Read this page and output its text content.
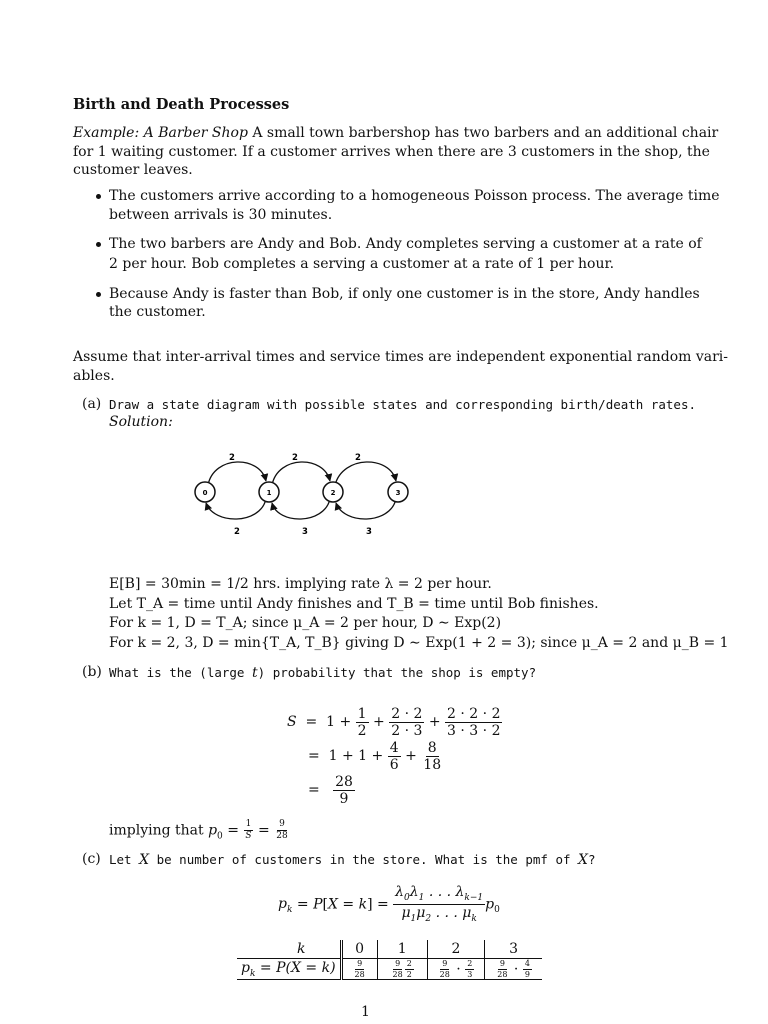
Birth and Death Processes
Example: A Barber Shop A small town barbershop has two barbers and an additional chair
for 1 waiting customer. If a customer arrives when there are 3 customers in the shop, the
customer leaves.
The customers arrive according to a homogeneous Poisson process. The average time
between arrivals is 30 minutes.
The two barbers are Andy and Bob. Andy completes serving a customer at a rate of
2 per hour. Bob completes a serving a customer at a rate of 1 per hour.
Because Andy is faster than Bob, if only one customer is in the store, Andy handles
the customer.
Assume that inter-arrival times and service times are independent exponential random vari-
ables.
(a) Draw a state diagram with possible states and corresponding birth/death rates.
Solution:
0	1	2	3
2	2	2
2	3	3
E[B] = 30min = 1/2 hrs. implying rate λ = 2 per hour.
Let T_A = time until Andy finishes and T_B = time until Bob finishes.
For k = 1, D = T_A; since μ_A = 2 per hour, D ∼ Exp(2)
For k = 2, 3, D = min{T_A, T_B} giving D ∼ Exp(1 + 2 = 3); since μ_A = 2 and μ_B = 1
(b) What is the (large t) probability that the shop is empty?
$S = 1 + \frac{1}{2} + \frac{2 \cdot 2}{2 \cdot 3} + \frac{2 \cdot 2 \cdot 2}{3 \cdot 3 \cdot 2}$
=  $1 + 1 + \frac{4}{6} + \frac{8}{18}$
= $\frac{28}{9}$
implying that $p_0 = \frac{1}{S} = \frac{9}{28}$
(c) Let X be number of customers in the store. What is the pmf of X?
$p_k = P[X = k] = \frac{\lambda_0\lambda_1 . . . \lambda_{k-1}}{\mu_1\mu_2 . . . \mu_k} p_0$
k	0	1	2	3
$p_k = P(X = k)$	$\frac{9}{28}$	$\frac{9}{28} \frac{2}{2}$	$\frac{9}{28} \cdot \frac{2}{3}$	$\frac{9}{28} \cdot \frac{4}{9}$
1
